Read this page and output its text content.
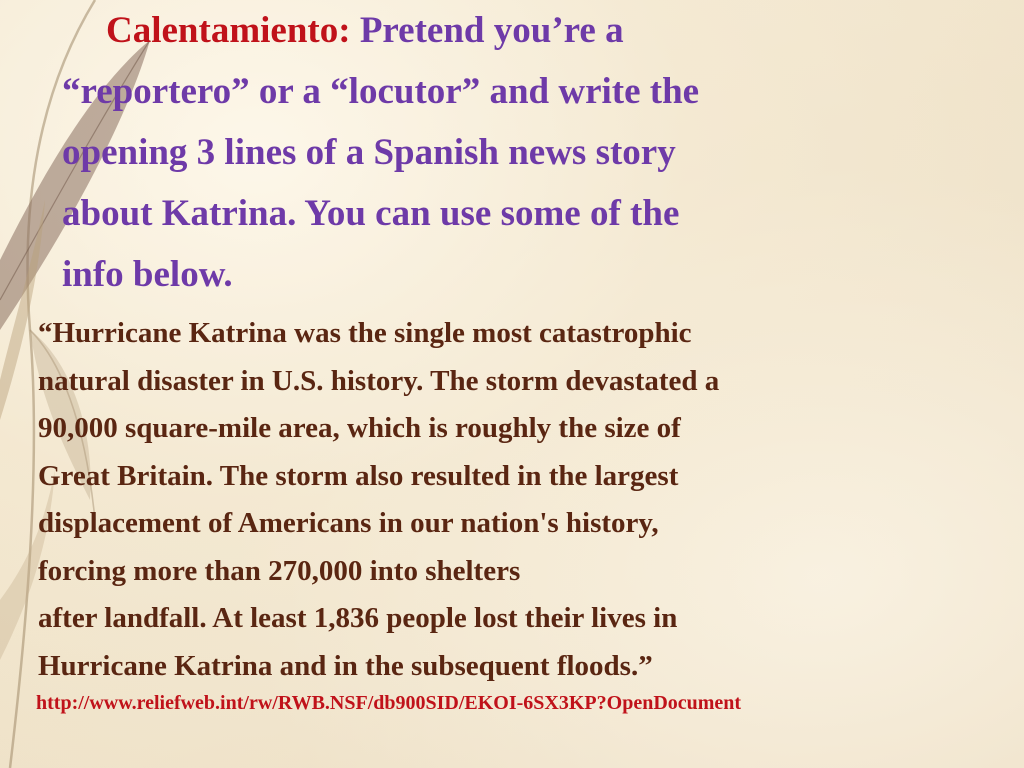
Calentamiento: Pretend you’re a
“reportero” or a “locutor” and write the
opening 3 lines of a Spanish news story
about Katrina. You can use some of the
info below.
“Hurricane Katrina was the single most catastrophic
natural disaster in U.S. history. The storm devastated a
90,000 square-mile area, which is roughly the size of
Great Britain. The storm also resulted in the largest
displacement of Americans in our nation's history,
forcing more than 270,000 into shelters
after landfall. At least 1,836 people lost their lives in
Hurricane Katrina and in the subsequent floods.”
http://www.reliefweb.int/rw/RWB.NSF/db900SID/EKOI-6SX3KP?OpenDocument
